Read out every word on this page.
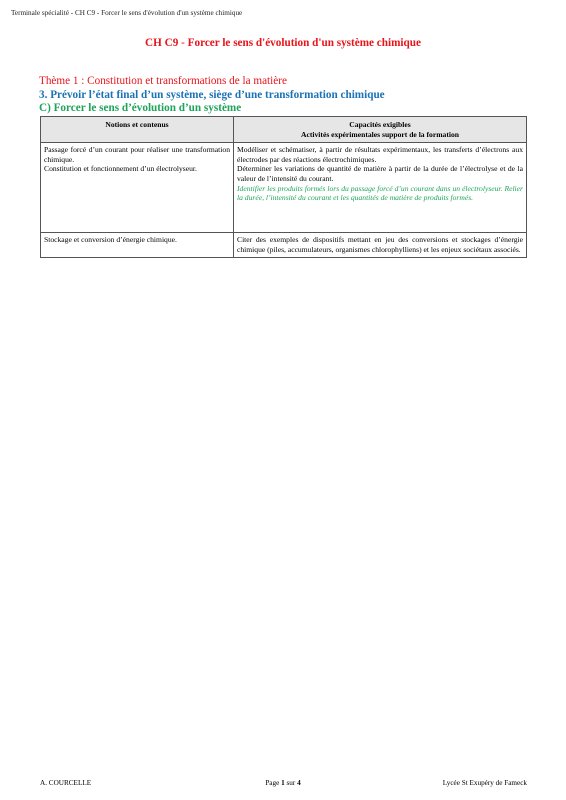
Terminale spécialité - CH C9 - Forcer le sens d'évolution d'un système chimique
CH C9 - Forcer le sens d'évolution d'un système chimique
Thème 1 : Constitution et transformations de la matière
3. Prévoir l’état final d’un système, siège d’une transformation chimique
C) Forcer le sens d’évolution d’un système
Notions et contenus	Capacités exigibles
Activités expérimentales support de la formation

Passage forcé d’un courant pour réaliser une transformation chimique.
Constitution et fonctionnement d’un électrolyseur.	Modéliser et schématiser, à partir de résultats expérimentaux, les transferts d’électrons aux électrodes par des réactions électrochimiques.
Déterminer les variations de quantité de matière à partir de la durée de l’électrolyse et de la valeur de l’intensité du courant.
Identifier les produits formés lors du passage forcé d’un courant dans un électrolyseur. Relier la durée, l’intensité du courant et les quantités de matière de produits formés.

Stockage et conversion d’énergie chimique.	Citer des exemples de dispositifs mettant en jeu des conversions et stockages d’énergie chimique (piles, accumulateurs, organismes chlorophylliens) et les enjeux sociétaux associés.
A. COURCELLE	Page 1 sur 4	Lycée St Exupéry de Fameck
